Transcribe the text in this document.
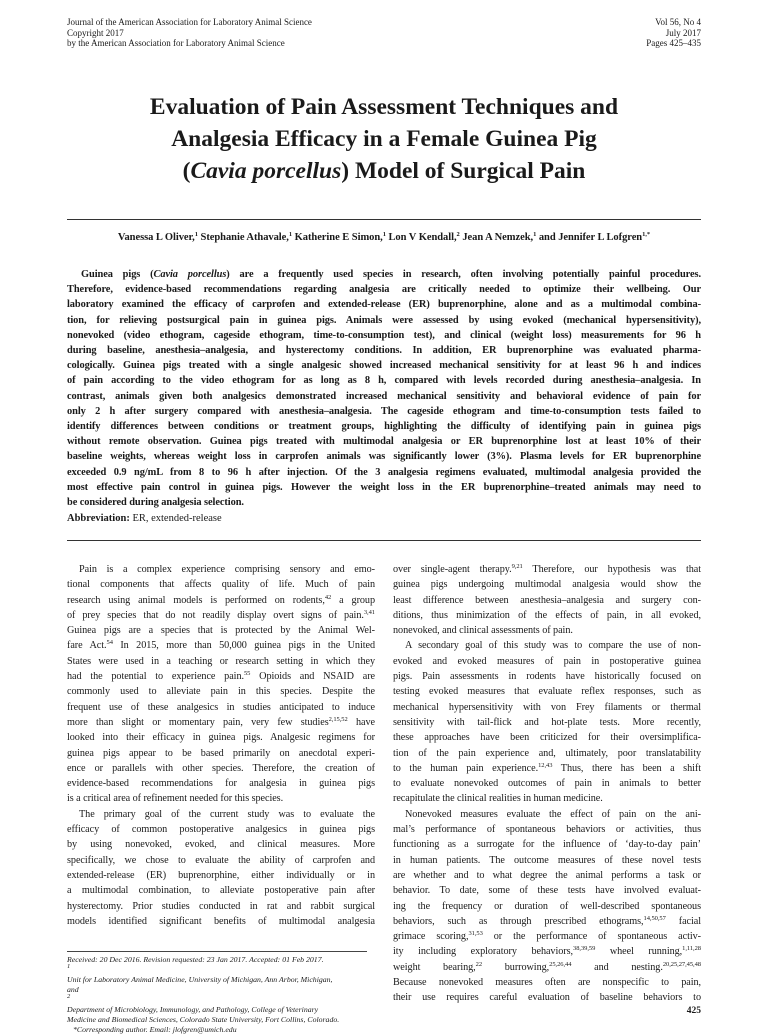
Journal of the American Association for Laboratory Animal Science
Copyright 2017
by the American Association for Laboratory Animal Science
Vol 56, No 4
July 2017
Pages 425–435
Evaluation of Pain Assessment Techniques and
Analgesia Efficacy in a Female Guinea Pig
(Cavia porcellus) Model of Surgical Pain
Vanessa L Oliver,$^1$ Stephanie Athavale,$^1$ Katherine E Simon,$^1$ Lon V Kendall,$^2$ Jean A Nemzek,$^1$ and Jennifer L Lofgren$^{1,*}$
Guinea pigs (Cavia porcellus) are a frequently used species in research, often involving potentially painful procedures.
Therefore, evidence-based recommendations regarding analgesia are critically needed to optimize their wellbeing. Our
laboratory examined the efficacy of carprofen and extended-release (ER) buprenorphine, alone and as a multimodal combina-
tion, for relieving postsurgical pain in guinea pigs. Animals were assessed by using evoked (mechanical hypersensitivity),
nonevoked (video ethogram, cageside ethogram, time-to-consumption test), and clinical (weight loss) measurements for 96 h
during baseline, anesthesia–analgesia, and hysterectomy conditions. In addition, ER buprenorphine was evaluated pharma-
cologically. Guinea pigs treated with a single analgesic showed increased mechanical sensitivity for at least 96 h and indices
of pain according to the video ethogram for as long as 8 h, compared with levels recorded during anesthesia–analgesia. In
contrast, animals given both analgesics demonstrated increased mechanical sensitivity and behavioral evidence of pain for
only 2 h after surgery compared with anesthesia–analgesia. The cageside ethogram and time-to-consumption tests failed to
identify differences between conditions or treatment groups, highlighting the difficulty of identifying pain in guinea pigs
without remote observation. Guinea pigs treated with multimodal analgesia or ER buprenorphine lost at least 10% of their
baseline weights, whereas weight loss in carprofen animals was significantly lower (3%). Plasma levels for ER buprenorphine
exceeded 0.9 ng/mL from 8 to 96 h after injection. Of the 3 analgesia regimens evaluated, multimodal analgesia provided the
most effective pain control in guinea pigs. However the weight loss in the ER buprenorphine–treated animals may need to
be considered during analgesia selection.
Abbreviation: ER, extended-release
Pain is a complex experience comprising sensory and emo-
tional components that affects quality of life. Much of pain
research using animal models is performed on rodents,$^{42}$ a group
of prey species that do not readily display overt signs of pain.$^{3,41}$
Guinea pigs are a species that is protected by the Animal Wel-
fare Act.$^{54}$ In 2015, more than 50,000 guinea pigs in the United
States were used in a teaching or research setting in which they
had the potential to experience pain.$^{55}$ Opioids and NSAID are
commonly used to alleviate pain in this species. Despite the
frequent use of these analgesics in studies anticipated to induce
more than slight or momentary pain, very few studies$^{2,15,52}$ have
looked into their efficacy in guinea pigs. Analgesic regimens for
guinea pigs appear to be based primarily on anecdotal experi-
ence or parallels with other species. Therefore, the creation of
evidence-based recommendations for analgesia in guinea pigs
is a critical area of refinement needed for this species.
The primary goal of the current study was to evaluate the
efficacy of common postoperative analgesics in guinea pigs
by using nonevoked, evoked, and clinical measures. More
specifically, we chose to evaluate the ability of carprofen and
extended-release (ER) buprenorphine, either individually or in
a multimodal combination, to alleviate postoperative pain after
hysterectomy. Prior studies conducted in rat and rabbit surgical
models identified significant benefits of multimodal analgesia
over single-agent therapy.$^{9,21}$ Therefore, our hypothesis was that
guinea pigs undergoing multimodal analgesia would show the
least difference between anesthesia–analgesia and surgery con-
ditions, thus minimization of the effects of pain, in all evoked,
nonevoked, and clinical assessments of pain.
A secondary goal of this study was to compare the use of non-
evoked and evoked measures of pain in postoperative guinea
pigs. Pain assessments in rodents have historically focused on
testing evoked measures that evaluate reflex responses, such as
mechanical hypersensitivity with von Frey filaments or thermal
sensitivity with tail-flick and hot-plate tests. More recently,
these approaches have been criticized for their oversimplifica-
tion of the pain experience and, ultimately, poor translatability
to the human pain experience.$^{12,43}$ Thus, there has been a shift
to evaluate nonevoked outcomes of pain in animals to better
recapitulate the clinical realities in human medicine.
Nonevoked measures evaluate the effect of pain on the ani-
mal’s performance of spontaneous behaviors or activities, thus
functioning as a surrogate for the influence of ‘day-to-day pain’
in human patients. The outcome measures of these novel tests
are whether and to what degree the animal performs a task or
behavior. To date, some of these tests have involved evaluat-
ing the frequency or duration of well-described spontaneous
behaviors, such as through prescribed ethograms,$^{14,50,57}$ facial
grimace scoring,$^{31,53}$ or the performance of spontaneous activ-
ity including exploratory behaviors,$^{38,39,59}$ wheel running,$^{1,11,28}$
weight bearing,$^{22}$ burrowing,$^{25,26,44}$ and nesting.$^{20,25,27,45,48}$
Because nonevoked measures often are nonspecific to pain,
their use requires careful evaluation of baseline behaviors to
Received: 20 Dec 2016. Revision requested: 23 Jan 2017. Accepted: 01 Feb 2017.
$^1$
Unit for Laboratory Animal Medicine, University of Michigan, Ann Arbor, Michigan,
and
$^2$
Department of Microbiology, Immunology, and Pathology, College of Veterinary
Medicine and Biomedical Sciences, Colorado State University, Fort Collins, Colorado.
*Corresponding author. Email: jlofgren@umich.edu
425
